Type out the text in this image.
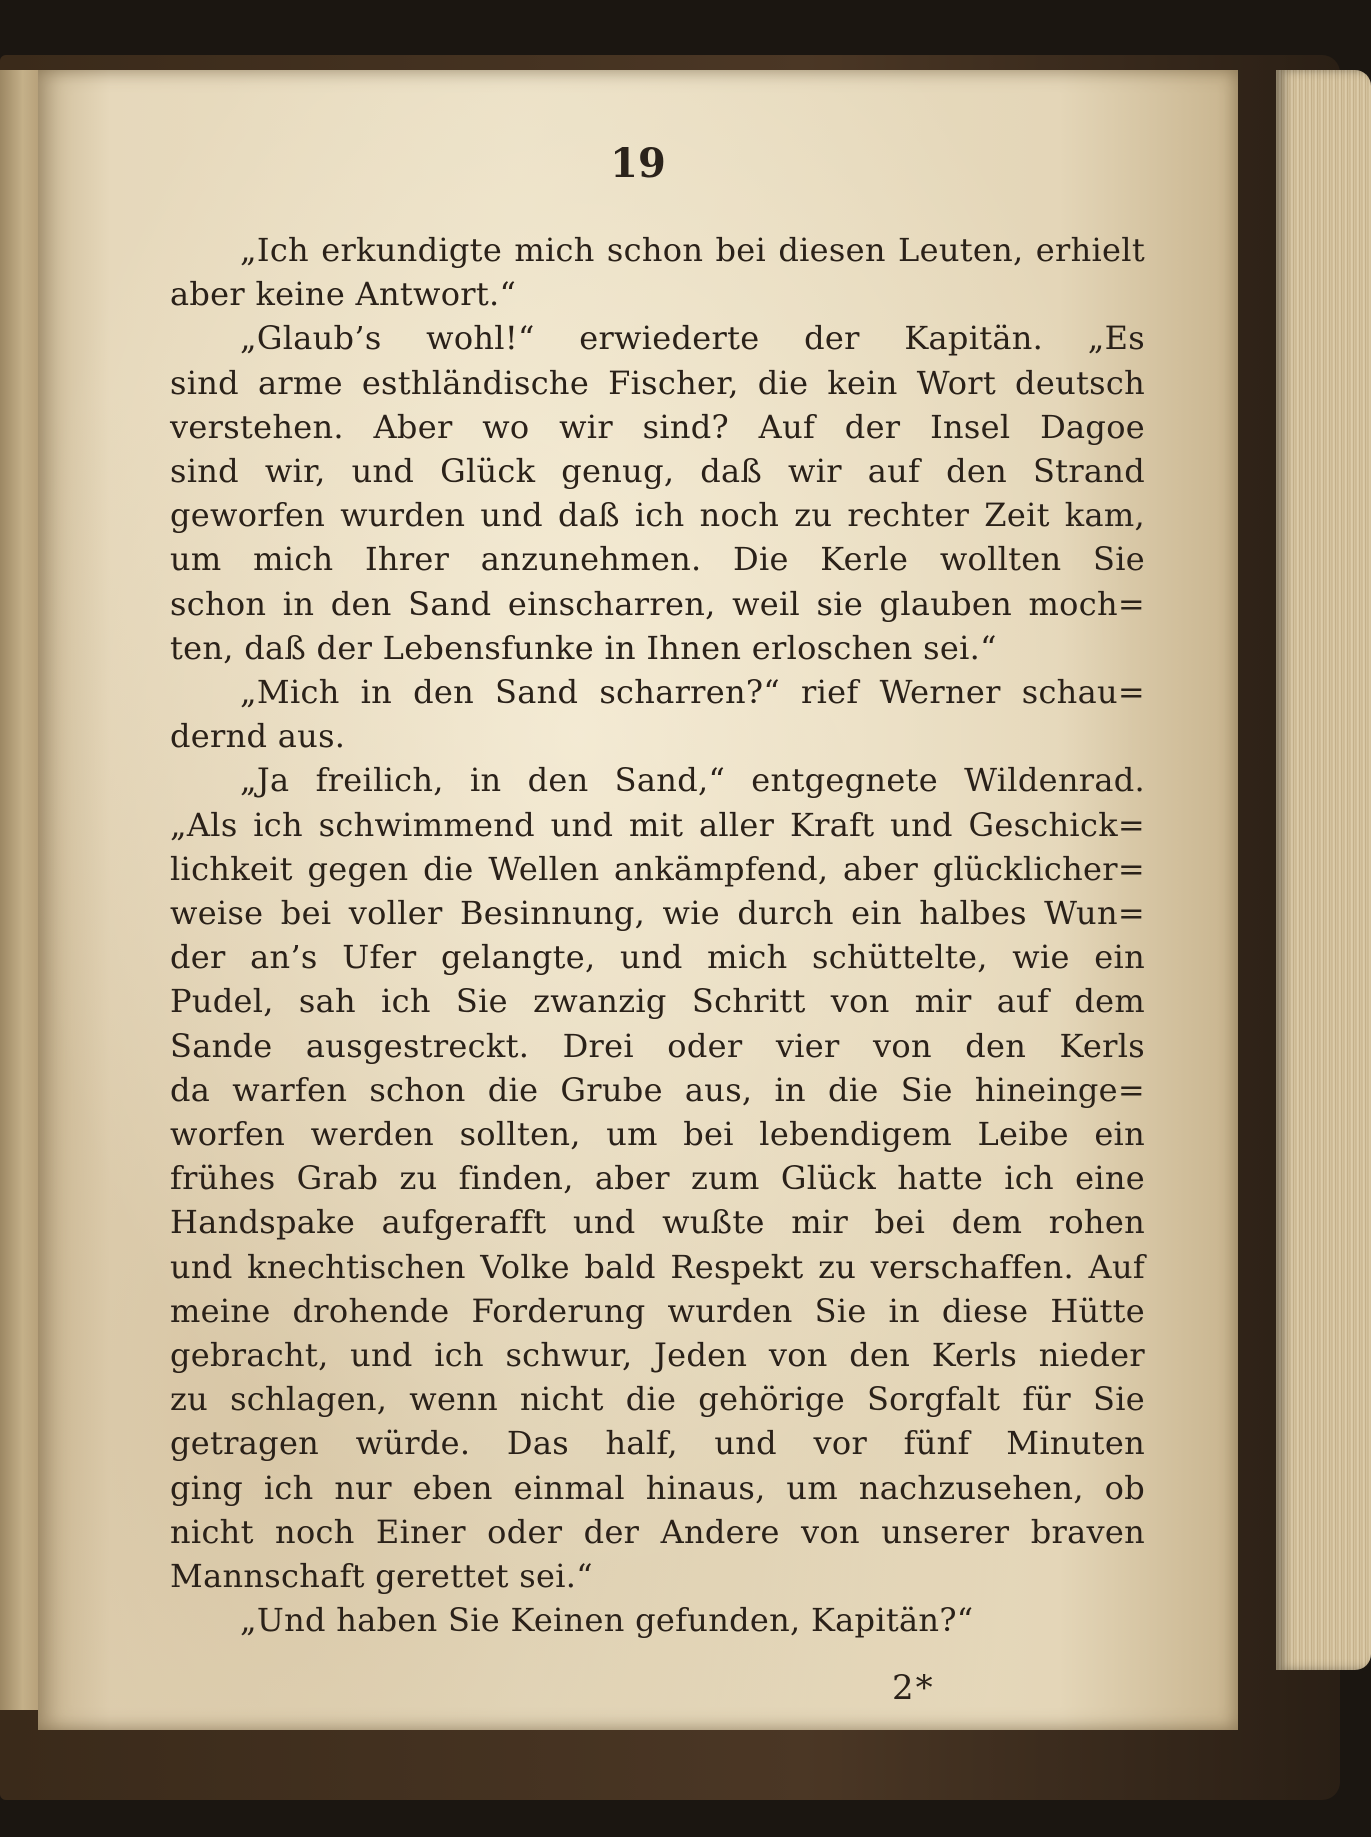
19
„Ich erkundigte mich schon bei diesen Leuten, erhielt
aber keine Antwort.“
„Glaub’s wohl!“ erwiederte der Kapitän. „Es
sind arme esthländische Fischer, die kein Wort deutsch
verstehen. Aber wo wir sind? Auf der Insel Dagoe
sind wir, und Glück genug, daß wir auf den Strand
geworfen wurden und daß ich noch zu rechter Zeit kam,
um mich Ihrer anzunehmen. Die Kerle wollten Sie
schon in den Sand einscharren, weil sie glauben moch=
ten, daß der Lebensfunke in Ihnen erloschen sei.“
„Mich in den Sand scharren?“ rief Werner schau=
dernd aus.
„Ja freilich, in den Sand,“ entgegnete Wildenrad.
„Als ich schwimmend und mit aller Kraft und Geschick=
lichkeit gegen die Wellen ankämpfend, aber glücklicher=
weise bei voller Besinnung, wie durch ein halbes Wun=
der an’s Ufer gelangte, und mich schüttelte, wie ein
Pudel, sah ich Sie zwanzig Schritt von mir auf dem
Sande ausgestreckt. Drei oder vier von den Kerls
da warfen schon die Grube aus, in die Sie hineinge=
worfen werden sollten, um bei lebendigem Leibe ein
frühes Grab zu finden, aber zum Glück hatte ich eine
Handspake aufgerafft und wußte mir bei dem rohen
und knechtischen Volke bald Respekt zu verschaffen. Auf
meine drohende Forderung wurden Sie in diese Hütte
gebracht, und ich schwur, Jeden von den Kerls nieder
zu schlagen, wenn nicht die gehörige Sorgfalt für Sie
getragen würde. Das half, und vor fünf Minuten
ging ich nur eben einmal hinaus, um nachzusehen, ob
nicht noch Einer oder der Andere von unserer braven
Mannschaft gerettet sei.“
„Und haben Sie Keinen gefunden, Kapitän?“
2*
